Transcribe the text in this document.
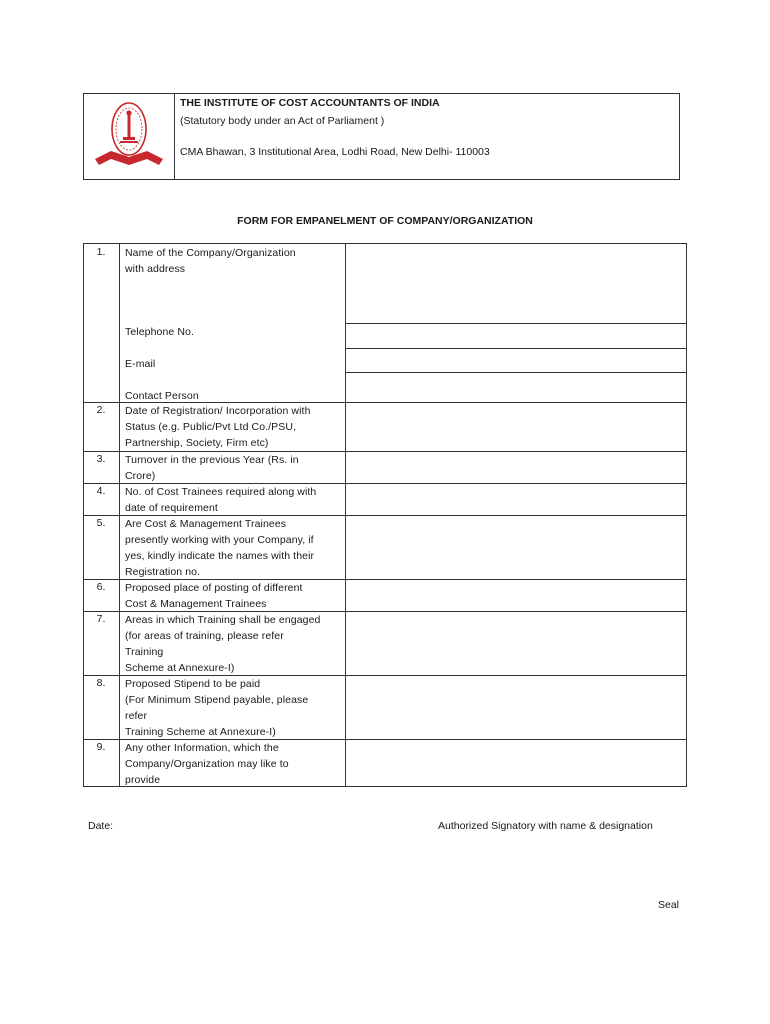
THE INSTITUTE OF COST ACCOUNTANTS OF INDIA
(Statutory body under an Act of Parliament )
CMA Bhawan, 3 Institutional Area, Lodhi Road, New Delhi- 110003
FORM FOR EMPANELMENT OF COMPANY/ORGANIZATION
1.	Name of the Company/Organization
with address
Telephone No.
E-mail
Contact Person
2.	Date of Registration/ Incorporation with
Status (e.g. Public/Pvt Ltd Co./PSU,
Partnership, Society, Firm etc)
3.	Turnover in the previous Year (Rs. in
Crore)
4.	No. of Cost Trainees required along with
date of requirement
5.	Are Cost & Management Trainees
presently working with your Company, if
yes, kindly indicate the names with their
Registration no.
6.	Proposed place of posting of different
Cost & Management Trainees
7.	Areas in which Training shall be engaged
(for areas of training, please refer
Training
Scheme at Annexure-I)
8.	Proposed Stipend to be paid
(For Minimum Stipend payable, please
refer
Training Scheme at Annexure-I)
9.	Any other Information, which the
Company/Organization may like to
provide
Date:	Authorized Signatory with name & designation
Seal
